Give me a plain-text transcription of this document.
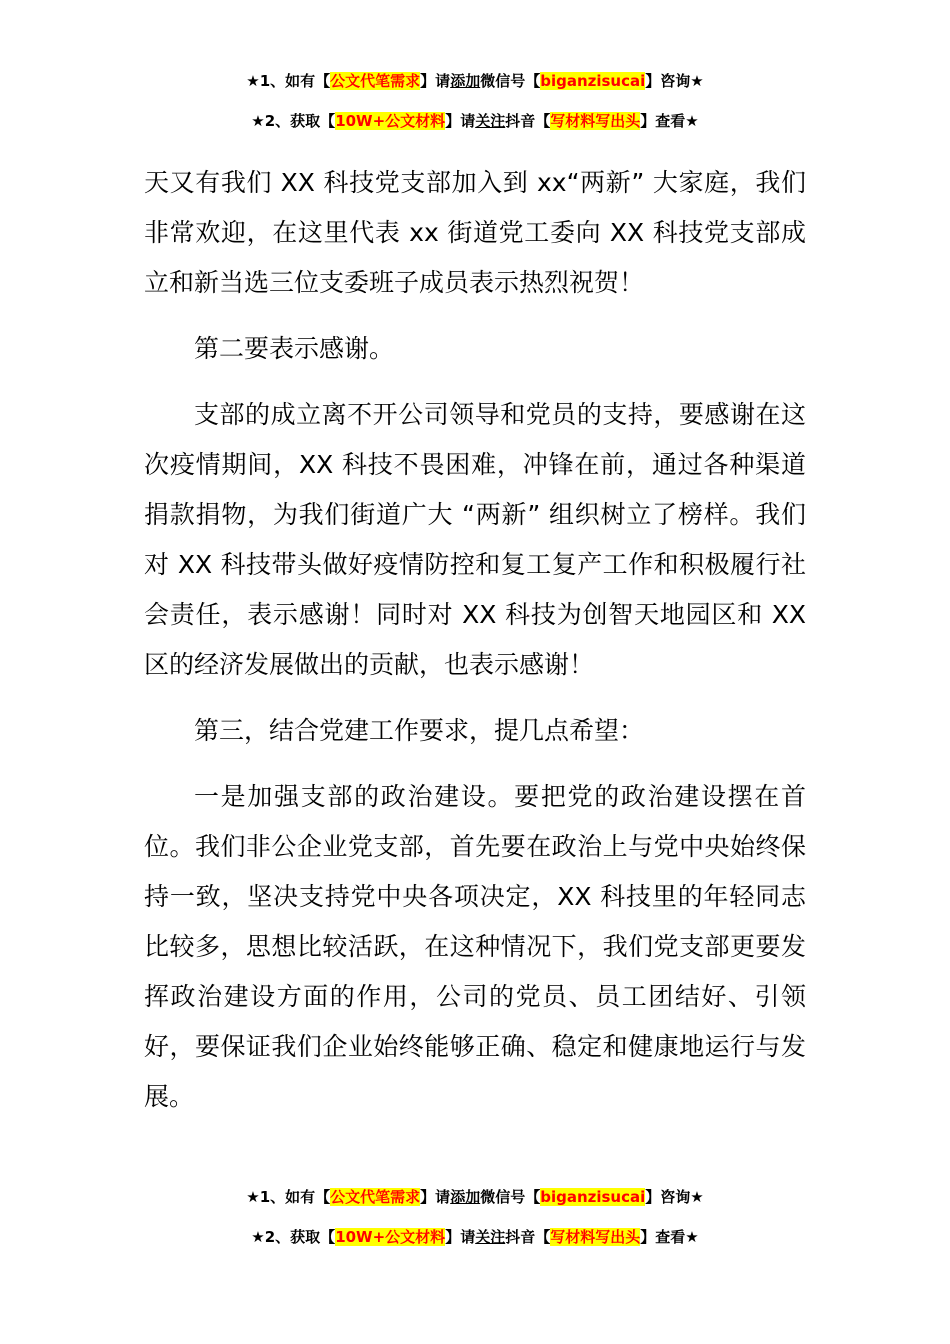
★1、如有【公文代笔需求】请添加微信号【biganzisucai】咨询★
★2、获取【10W+公文材料】请关注抖音【写材料写出头】查看★

天又有我们 XX 科技党支部加入到 xx“两新” 大家庭，我们非常欢迎，在这里代表 xx 街道党工委向 XX 科技党支部成立和新当选三位支委班子成员表示热烈祝贺！

第二要表示感谢。

支部的成立离不开公司领导和党员的支持，要感谢在这次疫情期间，XX 科技不畏困难，冲锋在前，通过各种渠道捐款捐物，为我们街道广大 “两新” 组织树立了榜样。我们对 XX 科技带头做好疫情防控和复工复产工作和积极履行社会责任，表示感谢！同时对 XX 科技为创智天地园区和 XX 区的经济发展做出的贡献，也表示感谢！

第三，结合党建工作要求，提几点希望：

一是加强支部的政治建设。要把党的政治建设摆在首位。我们非公企业党支部，首先要在政治上与党中央始终保持一致，坚决支持党中央各项决定，XX 科技里的年轻同志比较多，思想比较活跃，在这种情况下，我们党支部更要发挥政治建设方面的作用，公司的党员、员工团结好、引领好，要保证我们企业始终能够正确、稳定和健康地运行与发展。

★1、如有【公文代笔需求】请添加微信号【biganzisucai】咨询★
★2、获取【10W+公文材料】请关注抖音【写材料写出头】查看★
